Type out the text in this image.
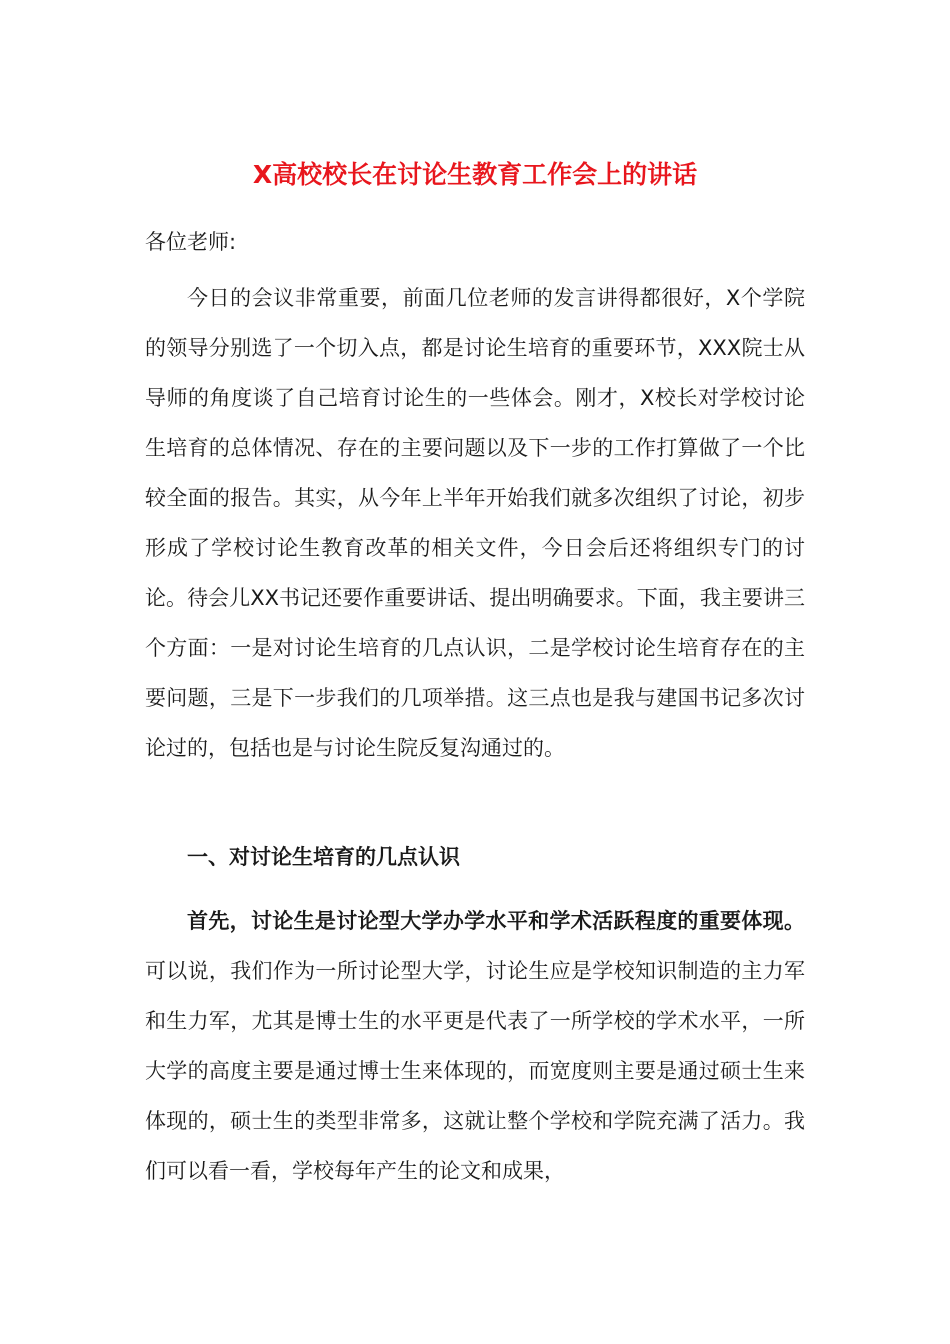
X高校校长在讨论生教育工作会上的讲话

各位老师:

今日的会议非常重要，前面几位老师的发言讲得都很好，X个学院的领导分别选了一个切入点，都是讨论生培育的重要环节，XXX院士从导师的角度谈了自己培育讨论生的一些体会。刚才，X校长对学校讨论生培育的总体情况、存在的主要问题以及下一步的工作打算做了一个比较全面的报告。其实，从今年上半年开始我们就多次组织了讨论，初步形成了学校讨论生教育改革的相关文件，今日会后还将组织专门的讨论。待会儿XX书记还要作重要讲话、提出明确要求。下面，我主要讲三个方面：一是对讨论生培育的几点认识，二是学校讨论生培育存在的主要问题，三是下一步我们的几项举措。这三点也是我与建国书记多次讨论过的，包括也是与讨论生院反复沟通过的。

一、对讨论生培育的几点认识

首先，讨论生是讨论型大学办学水平和学术活跃程度的重要体现。可以说，我们作为一所讨论型大学，讨论生应是学校知识制造的主力军和生力军，尤其是博士生的水平更是代表了一所学校的学术水平，一所大学的高度主要是通过博士生来体现的，而宽度则主要是通过硕士生来体现的，硕士生的类型非常多，这就让整个学校和学院充满了活力。我们可以看一看，学校每年产生的论文和成果，
